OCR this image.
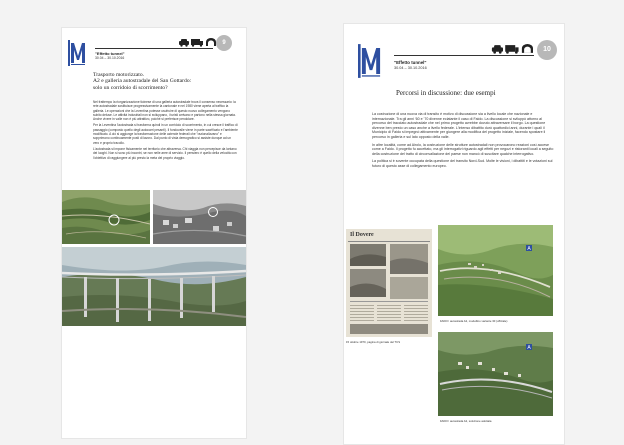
"Effetto tunnel"
30.04 – 30.10.2016
9
Trasporto motorizzato.
A2 e galleria autostradale del San Gottardo:
solo un corridoio di scorrimento?

Nel frattempo la riorganizzazione ticinese di una galleria autostradale trova il consenso necessario: la rete autostradale sostituisce progressivamente la cantonale e nel 1980 viene aperta al traffico la galleria. Le operazioni che la Leventina potesse usufruire di questo nuovo collegamento vengono subito deluse. Le attività industriali non si sviluppano, i turisti arrivano e partono nella stessa giornata. Anche vivere in valle non è più attrattivo, poiché si preferisce pendolare.

Per la Leventina l'autostrada si trasforma quindi in un corridoio di scorrimento, in cui cresce il traffico di passaggio (composto quello degli autocarri pesanti). Il fondovalle viene in parte sacrificato e l'ambiente modificato. A ciò si aggiunge la trasformazione delle aziende federali che "razionalizzano" e sopprimono continuamente posti di lavoro. Dal punto di vista demografico si assiste dunque ad un vero e proprio tracollo.

L'autostrada si impone fisicamente nel territorio che attraversa. Chi viaggia non percepisce da lontano dei luoghi. Non si sono più incontri, se non nelle aree di servizio. Il pensiero è quello della velocità con l'obiettivo di raggiungere al più presto la meta del proprio viaggio.

"Effetto tunnel"
30.04 – 30.10.2016
10
Percorsi in discussione: due esempi

La costruzione di una nuova via di transito è motivo di discussione sia a livello locale che nazionale e internazionale. Tra gli anni '60 e '70 divenne eclatante il caso di Faido. La discussione si sviluppò attorno al percorso del tracciato autostradale che nel primo progetto avrebbe dovuto attraversare il borgo. La questione divenne ben presto un caso anche a livello federale. L'intenso dibattito durò quattordici anni, durante i quali il Municipio di Faido si impegnò attivamente per giungere alla modifica del progetto iniziale, facendo spostare il percorso in galleria e sul lato opposto della valle.

In altre località, come ad Airolo, la costruzione delle strutture autostradali non provocarono reazioni così accese come a Faido. Il progetto fu accettato, ma gli interrogativi riguardo agli effetti per negozi e ristoranti locali a seguito della costruzione del tratto di circonvallazione del paese non mancò di suscitare qualche interrogativo.

La politica si è sovente occupata della questione del transito Nord-Sud. Molte le visioni, i dibattiti e le votazioni sul futuro di questo asse di collegamento europeo.

Il Dovere
15 ottobre 1970, pagina di giornale del TCS
A
FAIDO: autostrada A2, modellino variante 30 (ufficiale)
A
FAIDO: autostrada A2, soluzione adottata
